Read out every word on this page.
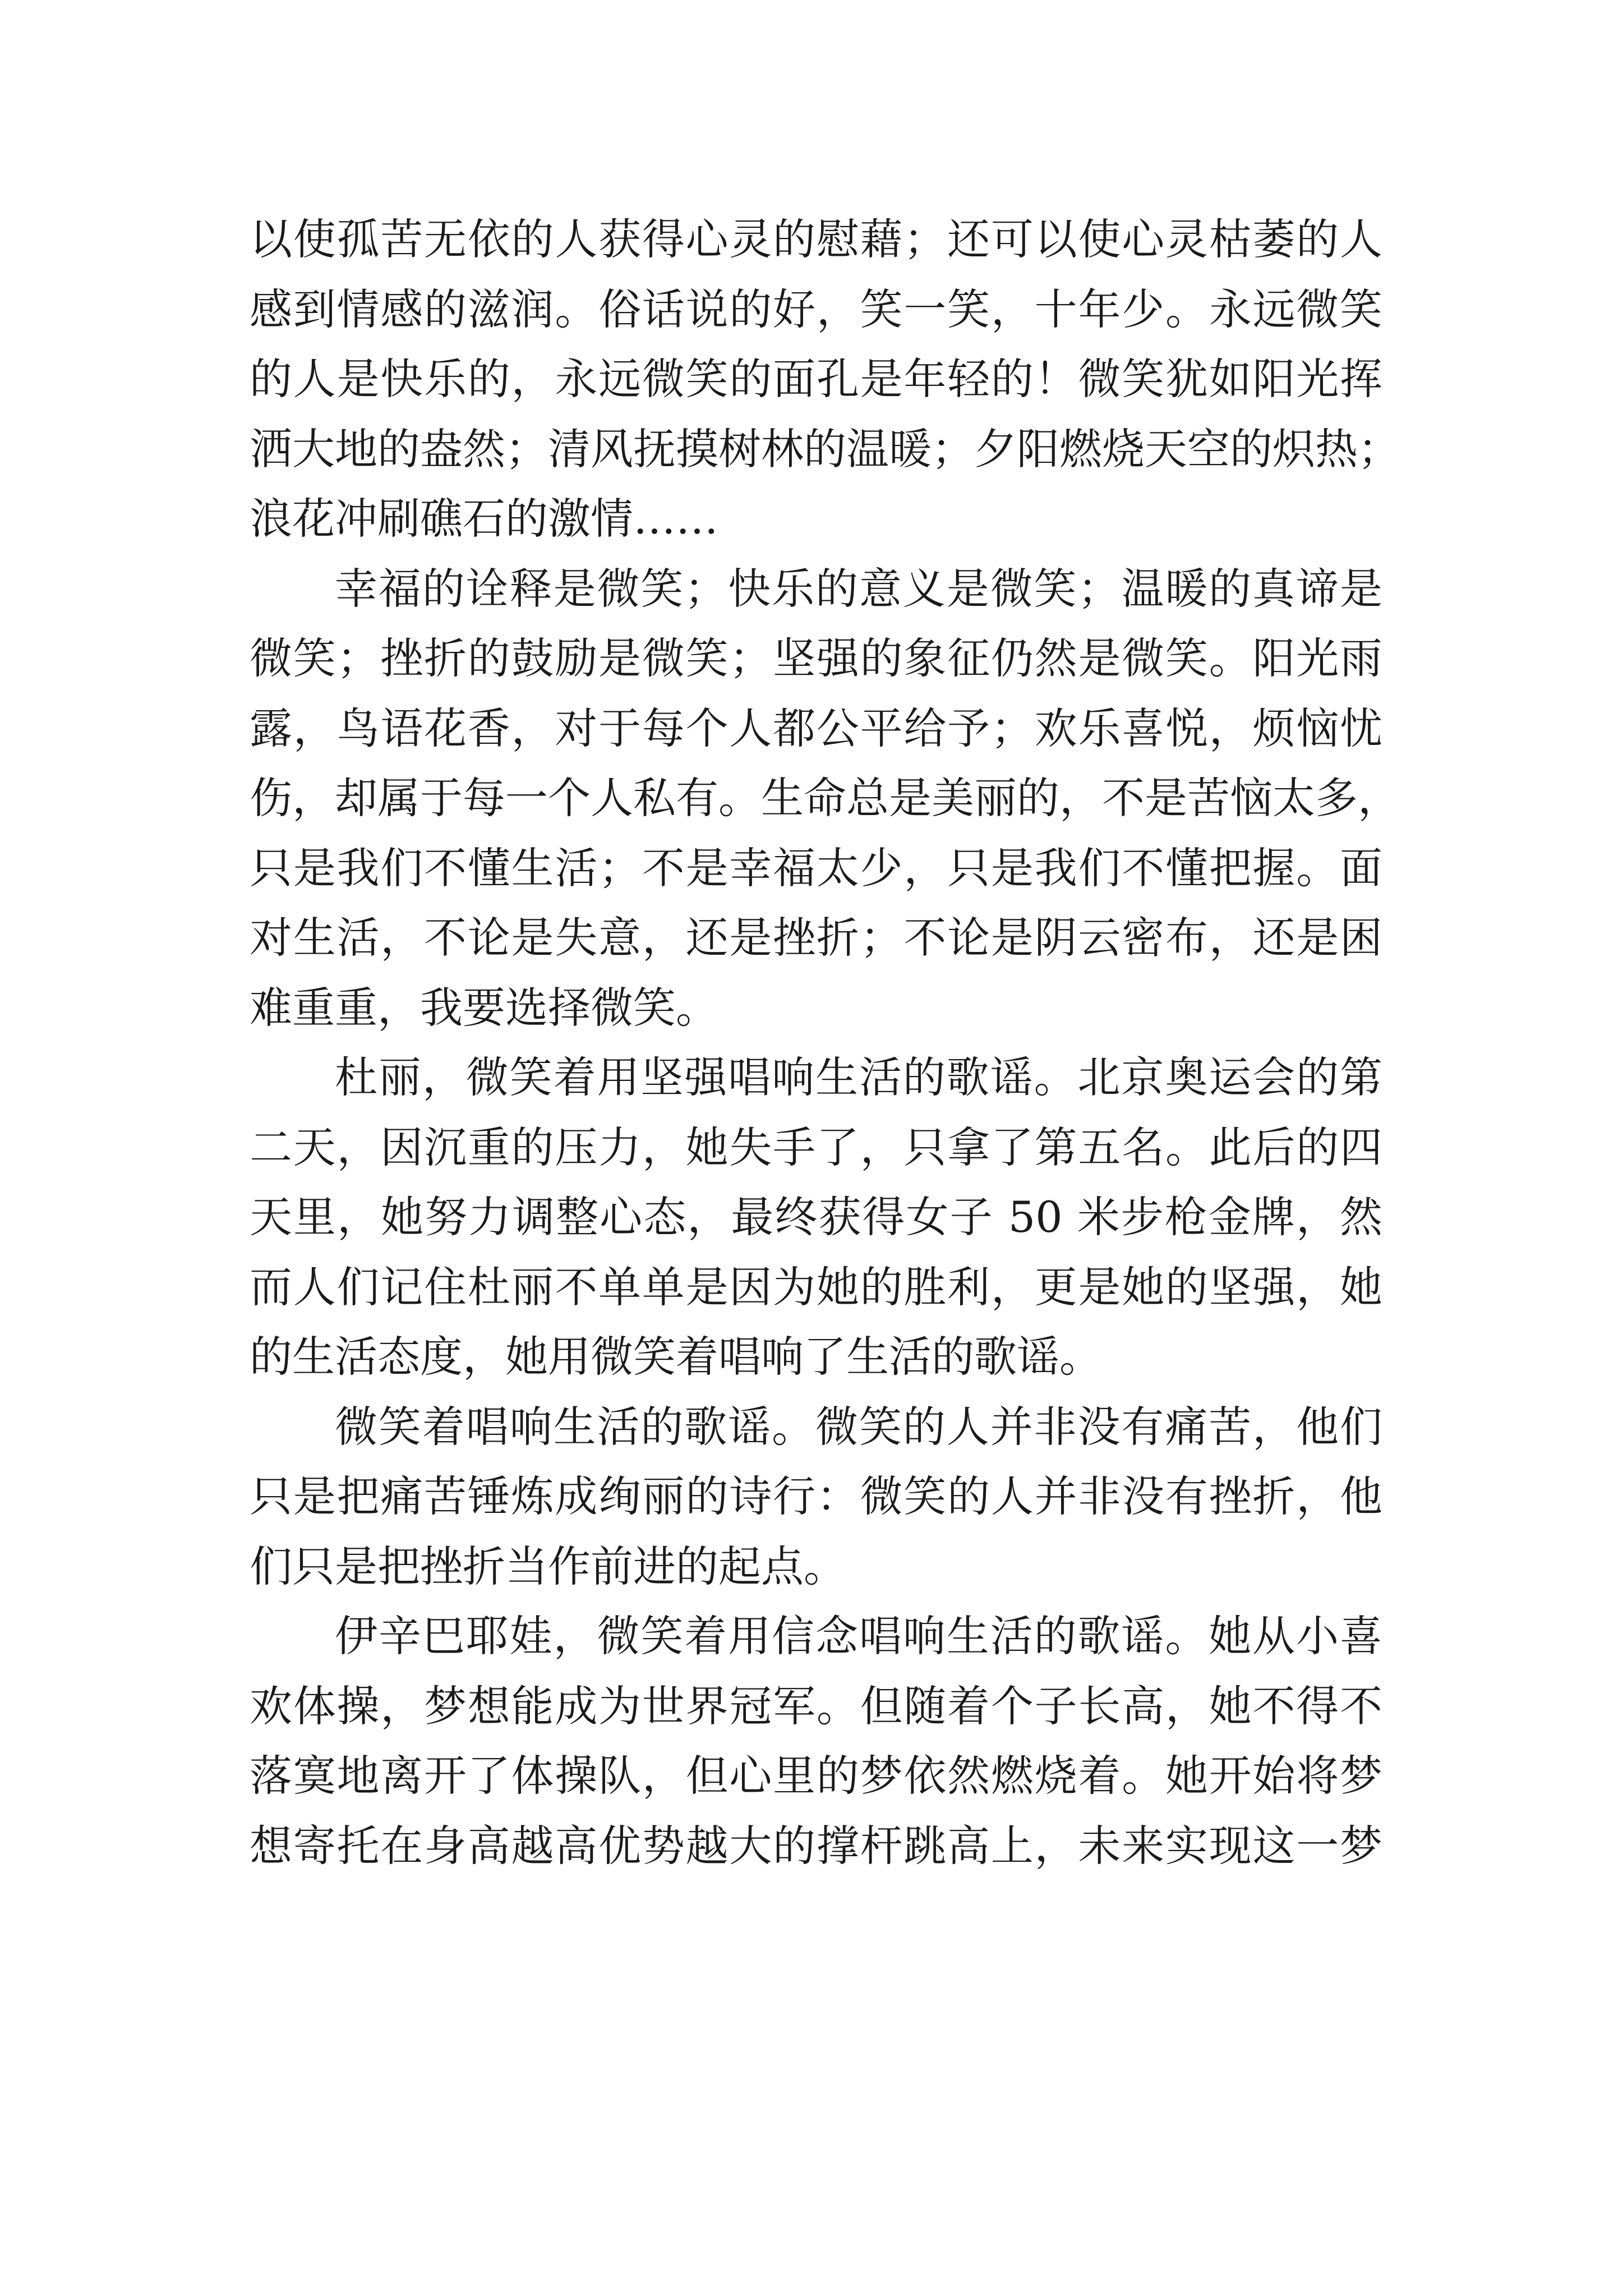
以使孤苦无依的人获得心灵的慰藉；还可以使心灵枯萎的人
感到情感的滋润。俗话说的好，笑一笑，十年少。永远微笑
的人是快乐的，永远微笑的面孔是年轻的！微笑犹如阳光挥
洒大地的盎然；清风抚摸树林的温暖；夕阳燃烧天空的炽热；
浪花冲刷礁石的激情……
幸福的诠释是微笑；快乐的意义是微笑；温暖的真谛是
微笑；挫折的鼓励是微笑；坚强的象征仍然是微笑。阳光雨
露，鸟语花香，对于每个人都公平给予；欢乐喜悦，烦恼忧
伤，却属于每一个人私有。生命总是美丽的，不是苦恼太多，
只是我们不懂生活；不是幸福太少，只是我们不懂把握。面
对生活，不论是失意，还是挫折；不论是阴云密布，还是困
难重重，我要选择微笑。
杜丽，微笑着用坚强唱响生活的歌谣。北京奥运会的第
二天，因沉重的压力，她失手了，只拿了第五名。此后的四
天里，她努力调整心态，最终获得女子 50 米步枪金牌，然
而人们记住杜丽不单单是因为她的胜利，更是她的坚强，她
的生活态度，她用微笑着唱响了生活的歌谣。
微笑着唱响生活的歌谣。微笑的人并非没有痛苦，他们
只是把痛苦锤炼成绚丽的诗行：微笑的人并非没有挫折，他
们只是把挫折当作前进的起点。
伊辛巴耶娃，微笑着用信念唱响生活的歌谣。她从小喜
欢体操，梦想能成为世界冠军。但随着个子长高，她不得不
落寞地离开了体操队，但心里的梦依然燃烧着。她开始将梦
想寄托在身高越高优势越大的撑杆跳高上，未来实现这一梦
